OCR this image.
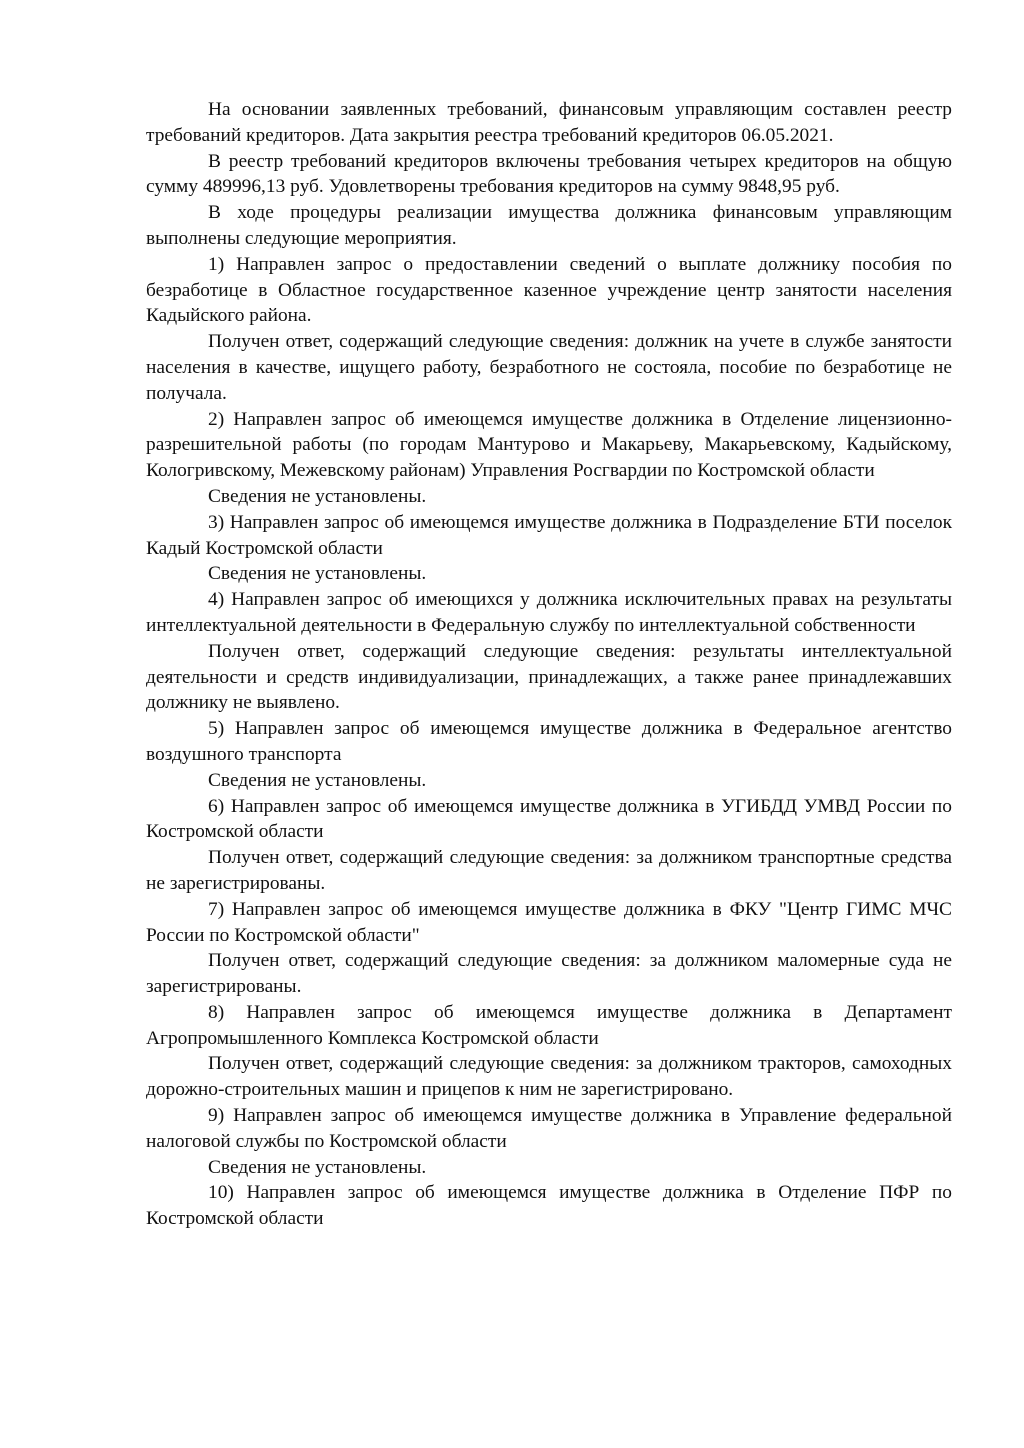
На основании заявленных требований, финансовым управляющим составлен реестр требований кредиторов. Дата закрытия реестра требований кредиторов 06.05.2021.

В реестр требований кредиторов включены требования четырех кредиторов на общую сумму 489996,13 руб. Удовлетворены требования кредиторов на сумму 9848,95 руб.

В ходе процедуры реализации имущества должника финансовым управляющим выполнены следующие мероприятия.

1) Направлен запрос о предоставлении сведений о выплате должнику пособия по безработице в Областное государственное казенное учреждение центр занятости населения Кадыйского района.

Получен ответ, содержащий следующие сведения: должник на учете в службе занятости населения в качестве, ищущего работу, безработного не состояла, пособие по безработице не получала.

2) Направлен запрос об имеющемся имуществе должника в Отделение лицензионно-разрешительной работы (по городам Мантурово и Макарьеву, Макарьевскому, Кадыйскому, Кологривскому, Межевскому районам) Управления Росгвардии по Костромской области

Сведения не установлены.

3) Направлен запрос об имеющемся имуществе должника в Подразделение БТИ поселок Кадый Костромской области

Сведения не установлены.

4) Направлен запрос об имеющихся у должника исключительных правах на результаты интеллектуальной деятельности в Федеральную службу по интеллектуальной собственности

Получен ответ, содержащий следующие сведения: результаты интеллектуальной деятельности и средств индивидуализации, принадлежащих, а также ранее принадлежавших должнику не выявлено.

5) Направлен запрос об имеющемся имуществе должника в Федеральное агентство воздушного транспорта

Сведения не установлены.

6) Направлен запрос об имеющемся имуществе должника в УГИБДД УМВД России по Костромской области

Получен ответ, содержащий следующие сведения: за должником транспортные средства не зарегистрированы.

7) Направлен запрос об имеющемся имуществе должника в ФКУ "Центр ГИМС МЧС России по Костромской области"

Получен ответ, содержащий следующие сведения: за должником маломерные суда не зарегистрированы.

8) Направлен запрос об имеющемся имуществе должника в Департамент Агропромышленного Комплекса Костромской области

Получен ответ, содержащий следующие сведения: за должником тракторов, самоходных дорожно-строительных машин и прицепов к ним не зарегистрировано.

9) Направлен запрос об имеющемся имуществе должника в Управление федеральной налоговой службы по Костромской области

Сведения не установлены.

10) Направлен запрос об имеющемся имуществе должника в Отделение ПФР по Костромской области
